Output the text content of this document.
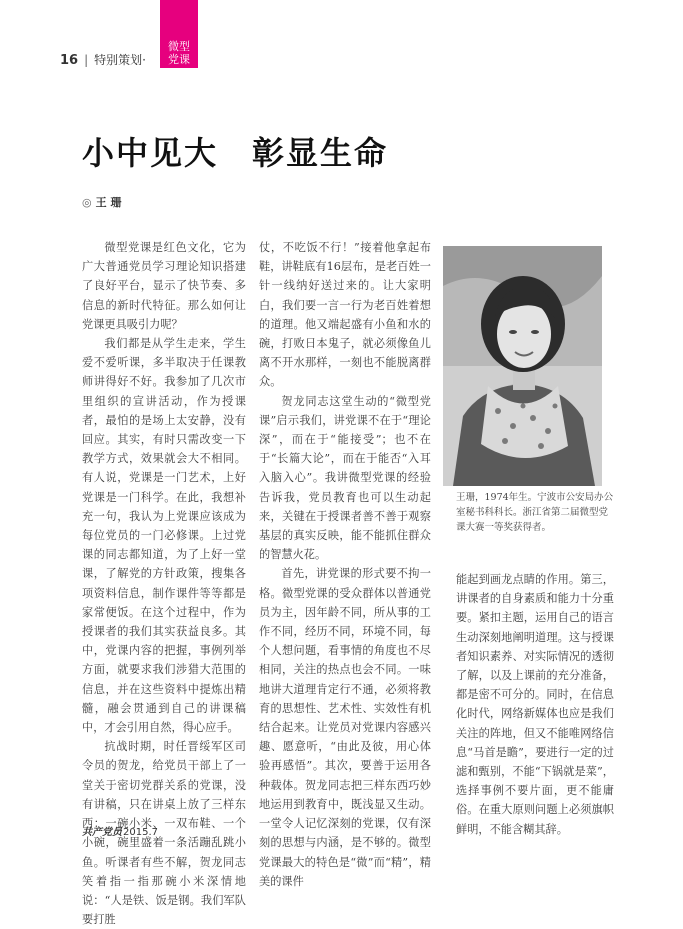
16 | 特别策划·
微型
党课
小中见大　彰显生命
◎ 王 珊

微型党课是红色文化，它为广大普通党员学习理论知识搭建了良好平台，显示了快节奏、多信息的新时代特征。那么如何让党课更具吸引力呢？

我们都是从学生走来，学生爱不爱听课，多半取决于任课教师讲得好不好。我参加了几次市里组织的宣讲活动，作为授课者，最怕的是场上太安静，没有回应。其实，有时只需改变一下教学方式，效果就会大不相同。有人说，党课是一门艺术，上好党课是一门科学。在此，我想补充一句，我认为上党课应该成为每位党员的一门必修课。上过党课的同志都知道，为了上好一堂课，了解党的方针政策，搜集各项资料信息，制作课件等等都是家常便饭。在这个过程中，作为授课者的我们其实获益良多。其中，党课内容的把握，事例列举方面，就要求我们涉猎大范围的信息，并在这些资料中提炼出精髓，融会贯通到自己的讲课稿中，才会引用自然，得心应手。

抗战时期，时任晋绥军区司令员的贺龙，给党员干部上了一堂关于密切党群关系的党课，没有讲稿，只在讲桌上放了三样东西：一碗小米、一双布鞋、一个小碗，碗里盛着一条活蹦乱跳小鱼。听课者有些不解，贺龙同志笑着指一指那碗小米深情地说：“人是铁、饭是钢。我们军队要打胜

仗，不吃饭不行！”接着他拿起布鞋，讲鞋底有16层布，是老百姓一针一线纳好送过来的。让大家明白，我们要一言一行为老百姓着想的道理。他又端起盛有小鱼和水的碗，打败日本鬼子，就必须像鱼儿离不开水那样，一刻也不能脱离群众。

贺龙同志这堂生动的“微型党课”启示我们，讲党课不在于“理论深”，而在于“能接受”；也不在于“长篇大论”，而在于能否“入耳入脑入心”。我讲微型党课的经验告诉我，党员教育也可以生动起来，关键在于授课者善不善于观察基层的真实反映，能不能抓住群众的智慧火花。

首先，讲党课的形式要不拘一格。微型党课的受众群体以普通党员为主，因年龄不同，所从事的工作不同，经历不同，环境不同，每个人想问题，看事情的角度也不尽相同，关注的热点也会不同。一味地讲大道理肯定行不通，必须将教育的思想性、艺术性、实效性有机结合起来。让党员对党课内容感兴趣、愿意听，“由此及彼，用心体验再感悟”。其次，要善于运用各种载体。贺龙同志把三样东西巧妙地运用到教育中，既浅显又生动。一堂令人记忆深刻的党课，仅有深刻的思想与内涵，是不够的。微型党课最大的特色是“微”而“精”，精美的课件

王珊，1974年生。宁波市公安局办公室秘书科科长。浙江省第二届微型党课大赛一等奖获得者。

能起到画龙点睛的作用。第三，讲课者的自身素质和能力十分重要。紧扣主题，运用自己的语言生动深刻地阐明道理。这与授课者知识素养、对实际情况的透彻了解，以及上课前的充分准备，都是密不可分的。同时，在信息化时代，网络新媒体也应是我们关注的阵地，但又不能唯网络信息“马首是瞻”，要进行一定的过滤和甄别，不能“下锅就是菜”，选择事例不要片面，更不能庸俗。在重大原则问题上必须旗帜鲜明，不能含糊其辞。

共产党员2015.7
